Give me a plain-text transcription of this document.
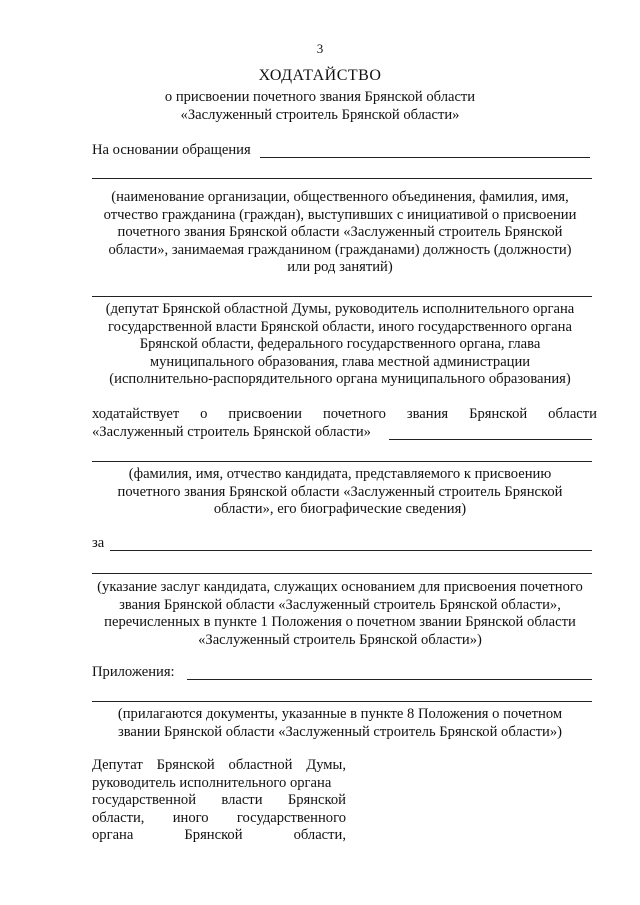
3
ХОДАТАЙСТВО
о присвоении почетного звания Брянской области
«Заслуженный строитель Брянской области»
На основании обращения
(наименование организации, общественного объединения, фамилия, имя,
отчество гражданина (граждан), выступивших с инициативой о присвоении
почетного звания Брянской области «Заслуженный строитель Брянской
области», занимаемая гражданином (гражданами) должность (должности)
или род занятий)
(депутат Брянской областной Думы, руководитель исполнительного органа
государственной власти Брянской области, иного государственного органа
Брянской области, федерального государственного органа, глава
муниципального образования, глава местной администрации
(исполнительно-распорядительного органа муниципального образования)
ходатайствует о присвоении почетного звания Брянской области
«Заслуженный строитель Брянской области»
(фамилия, имя, отчество кандидата, представляемого к присвоению
почетного звания Брянской области «Заслуженный строитель Брянской
области», его биографические сведения)
за
(указание заслуг кандидата, служащих основанием для присвоения почетного
звания Брянской области «Заслуженный строитель Брянской области»,
перечисленных в пункте 1 Положения о почетном звании Брянской области
«Заслуженный строитель Брянской области»)
Приложения:
(прилагаются документы, указанные в пункте 8 Положения о почетном
звании Брянской области «Заслуженный строитель Брянской области»)
Депутат Брянской областной Думы,
руководитель исполнительного органа
государственной власти Брянской
области, иного государственного
органа	Брянской	области,
